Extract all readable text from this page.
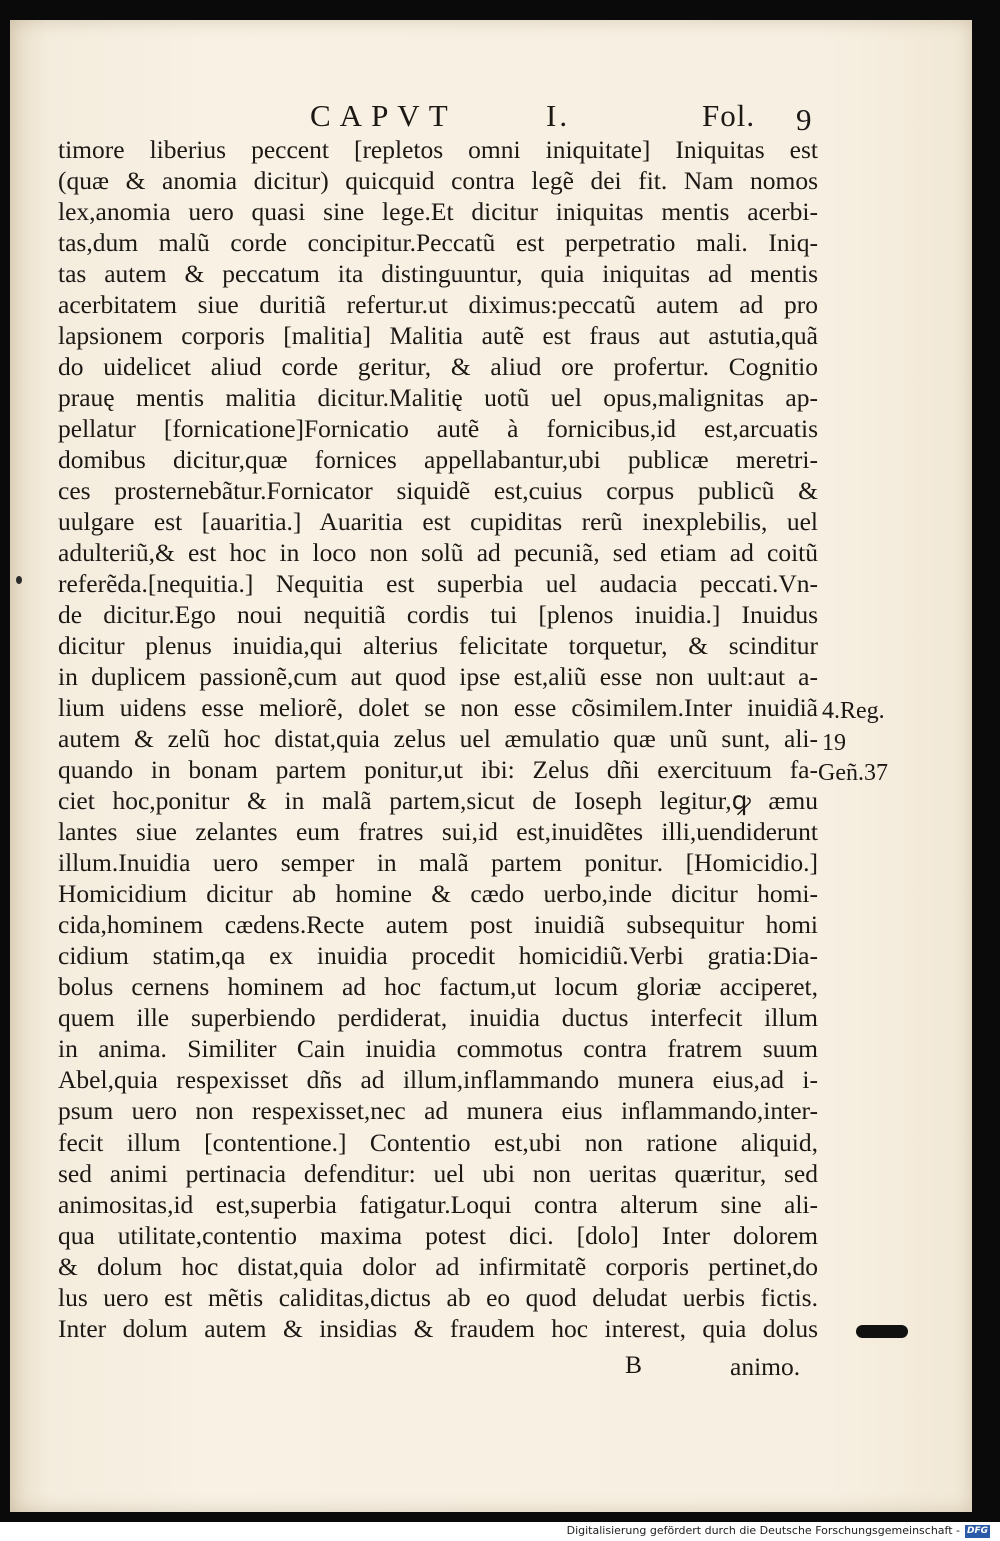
CAPVT	I.	Fol. 9
timore liberius peccent [repletos omni iniquitate] Iniquitas est
(quæ & anomia dicitur) quicquid contra legẽ dei fit. Nam nomos
lex,anomia uero quasi sine lege.Et dicitur iniquitas mentis acerbi-
tas,dum malũ corde concipitur.Peccatũ est perpetratio mali. Iniq-
tas autem & peccatum ita distinguuntur, quia iniquitas ad mentis
acerbitatem siue duritiã refertur.ut diximus:peccatũ autem ad pro
lapsionem corporis [malitia] Malitia autẽ est fraus aut astutia,quã
do uidelicet aliud corde geritur, & aliud ore profertur. Cognitio
prauę mentis malitia dicitur.Malitię uotũ uel opus,malignitas ap-
pellatur [fornicatione]Fornicatio autẽ à fornicibus,id est,arcuatis
domibus dicitur,quæ fornices appellabantur,ubi publicæ meretri-
ces prosternebãtur.Fornicator siquidẽ est,cuius corpus publicũ &
uulgare est [auaritia.] Auaritia est cupiditas rerũ inexplebilis, uel
adulteriũ,& est hoc in loco non solũ ad pecuniã, sed etiam ad coitũ
referẽda.[nequitia.] Nequitia est superbia uel audacia peccati.Vn-
de dicitur.Ego noui nequitiã cordis tui [plenos inuidia.] Inuidus
dicitur plenus inuidia,qui alterius felicitate torquetur, & scinditur
in duplicem passionẽ,cum aut quod ipse est,aliũ esse non uult:aut a-
lium uidens esse meliorẽ, dolet se non esse cõsimilem.Inter inuidiã
autem & zelũ hoc distat,quia zelus uel æmulatio quæ unũ sunt, ali-
quando in bonam partem ponitur,ut ibi: Zelus dñi exercituum fa-
ciet hoc,ponitur & in malã partem,sicut de Ioseph legitur,ꝙ æmu
lantes siue zelantes eum fratres sui,id est,inuidẽtes illi,uendiderunt
illum.Inuidia uero semper in malã partem ponitur. [Homicidio.]
Homicidium dicitur ab homine & cædo uerbo,inde dicitur homi-
cida,hominem cædens.Recte autem post inuidiã subsequitur homi
cidium statim,qa ex inuidia procedit homicidiũ.Verbi gratia:Dia-
bolus cernens hominem ad hoc factum,ut locum gloriæ acciperet,
quem ille superbiendo perdiderat, inuidia ductus interfecit illum
in anima. Similiter Cain inuidia commotus contra fratrem suum
Abel,quia respexisset dñs ad illum,inflammando munera eius,ad i-
psum uero non respexisset,nec ad munera eius inflammando,inter-
fecit illum [contentione.] Contentio est,ubi non ratione aliquid,
sed animi pertinacia defenditur: uel ubi non ueritas quæritur, sed
animositas,id est,superbia fatigatur.Loqui contra alterum sine ali-
qua utilitate,contentio maxima potest dici. [dolo] Inter dolorem
& dolum hoc distat,quia dolor ad infirmitatẽ corporis pertinet,do
lus uero est mẽtis caliditas,dictus ab eo quod deludat uerbis fictis.
Inter dolum autem & insidias & fraudem hoc interest, quia dolus
4.Reg.
19
Geñ.37
B	animo.
Digitalisierung gefördert durch die Deutsche Forschungsgemeinschaft - DFG
